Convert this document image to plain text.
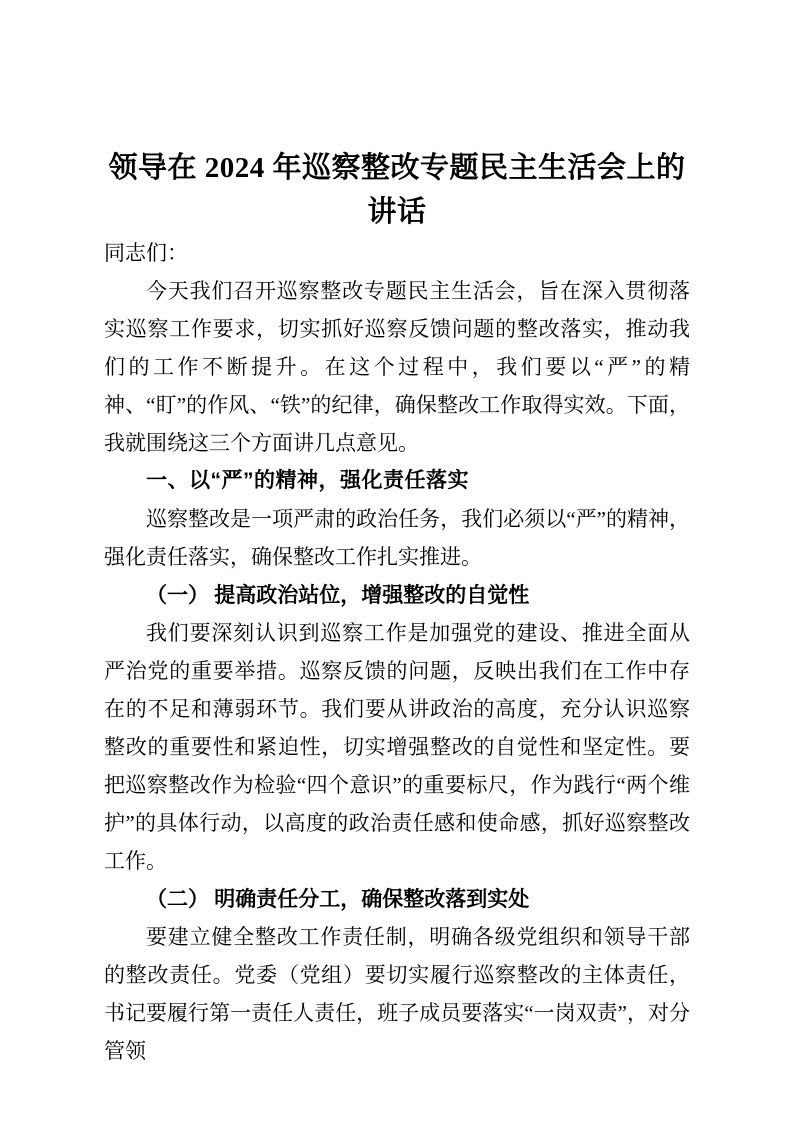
领导在 2024 年巡察整改专题民主生活会上的
讲话

同志们：

今天我们召开巡察整改专题民主生活会，旨在深入贯彻落实巡察工作要求，切实抓好巡察反馈问题的整改落实，推动我们的工作不断提升。在这个过程中，我们要以“严”的精神、“盯”的作风、“铁”的纪律，确保整改工作取得实效。下面，我就围绕这三个方面讲几点意见。

一、以“严”的精神，强化责任落实

巡察整改是一项严肃的政治任务，我们必须以“严”的精神，强化责任落实，确保整改工作扎实推进。

（一） 提高政治站位，增强整改的自觉性

我们要深刻认识到巡察工作是加强党的建设、推进全面从严治党的重要举措。巡察反馈的问题，反映出我们在工作中存在的不足和薄弱环节。我们要从讲政治的高度，充分认识巡察整改的重要性和紧迫性，切实增强整改的自觉性和坚定性。要把巡察整改作为检验“四个意识”的重要标尺，作为践行“两个维护”的具体行动，以高度的政治责任感和使命感，抓好巡察整改工作。

（二） 明确责任分工，确保整改落到实处

要建立健全整改工作责任制，明确各级党组织和领导干部的整改责任。党委（党组）要切实履行巡察整改的主体责任，书记要履行第一责任人责任，班子成员要落实“一岗双责”，对分管领
